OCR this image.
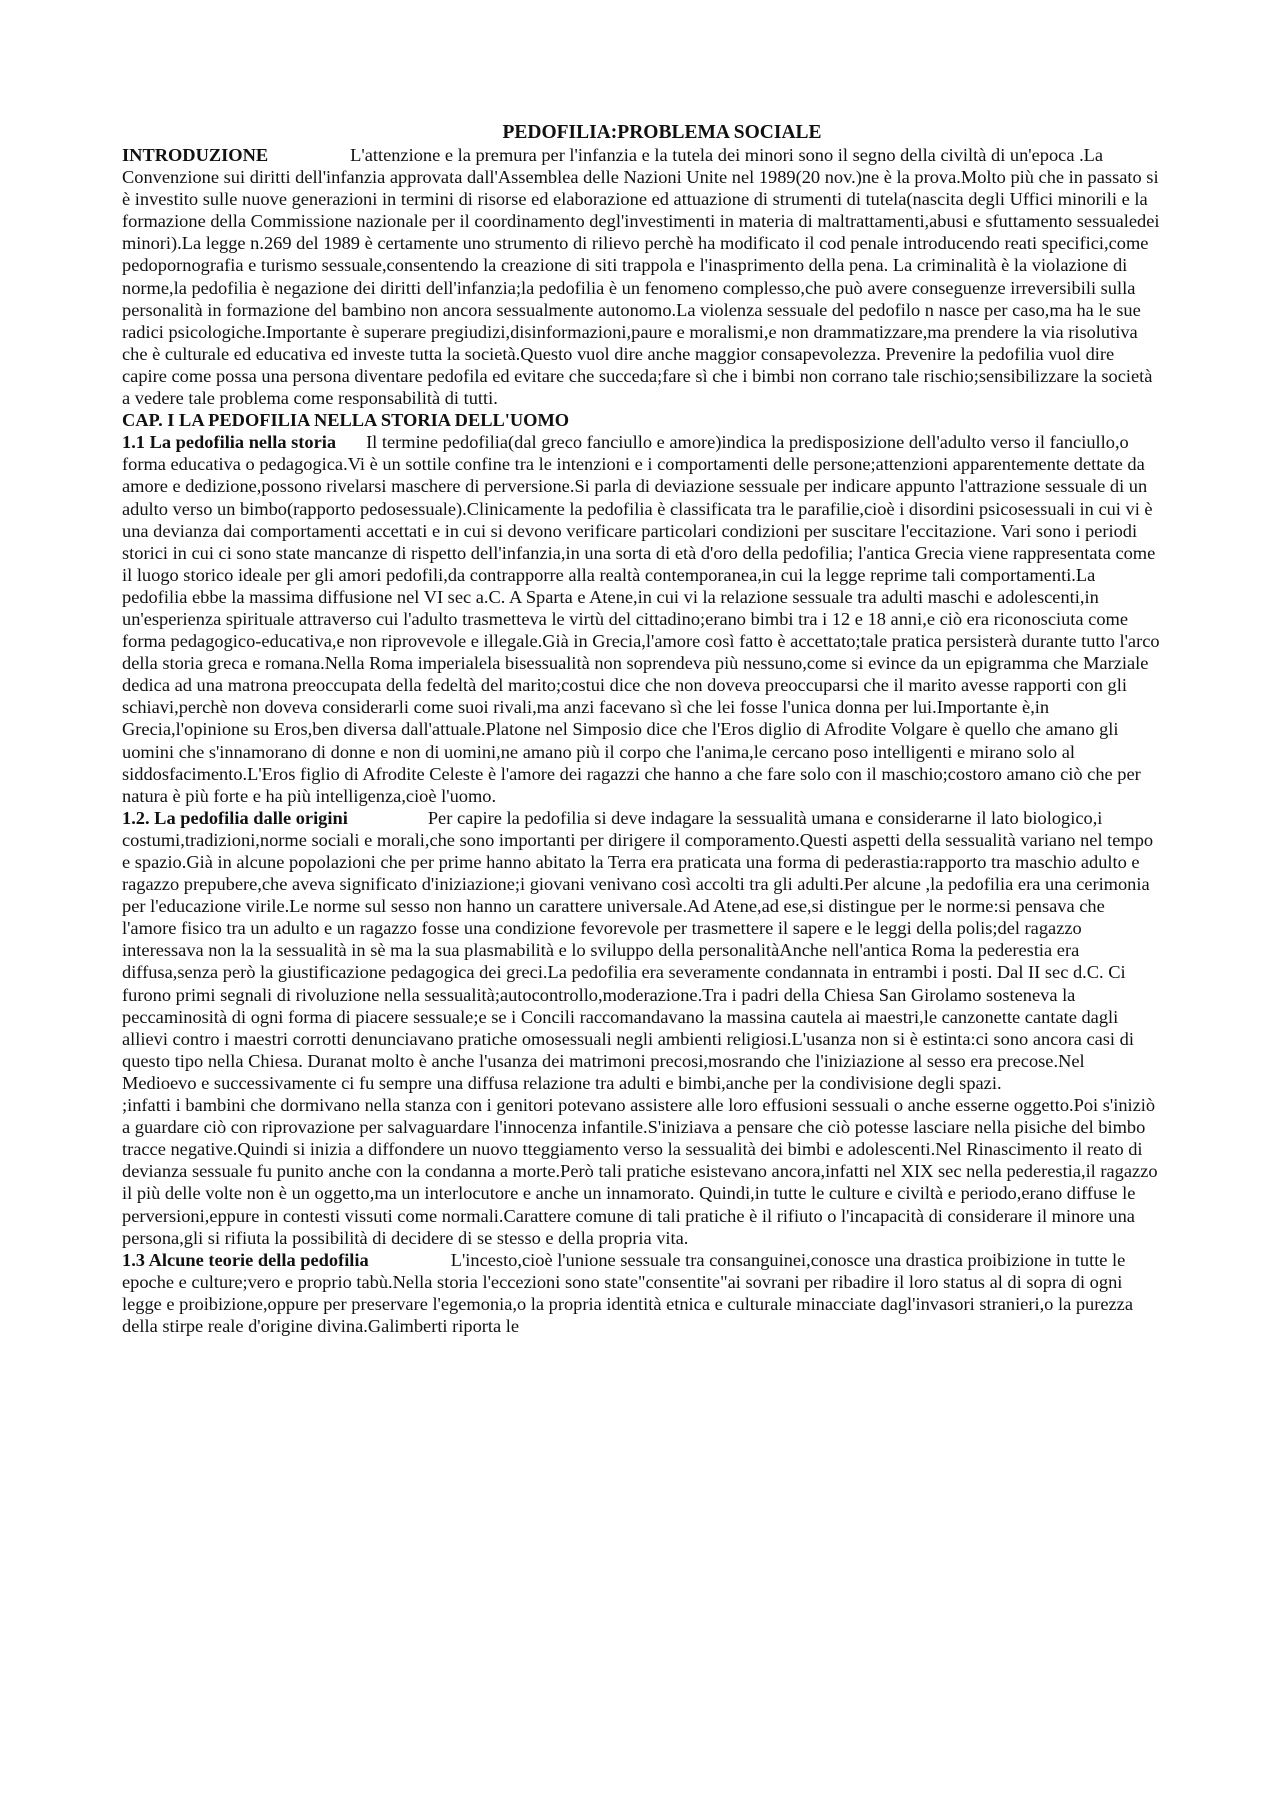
PEDOFILIA:PROBLEMA SOCIALE

INTRODUZIONE	L'attenzione e la premura per l'infanzia e la tutela dei minori sono il segno della civiltà di un'epoca .La Convenzione sui diritti dell'infanzia approvata dall'Assemblea delle Nazioni Unite nel 1989(20 nov.)ne è la prova.Molto più che in passato si è investito sulle nuove generazioni in termini di risorse ed elaborazione ed attuazione di strumenti di tutela(nascita degli Uffici minorili e la formazione della Commissione nazionale per il coordinamento degl'investimenti in materia di maltrattamenti,abusi e sfuttamento sessualedei minori).La legge n.269 del 1989 è certamente uno strumento di rilievo perchè ha modificato il cod penale introducendo reati specifici,come pedopornografia e turismo sessuale,consentendo la creazione di siti trappola e l'inasprimento della pena. La criminalità è la violazione di norme,la pedofilia è negazione dei diritti dell'infanzia;la pedofilia è un fenomeno complesso,che può avere conseguenze irreversibili sulla personalità in formazione del bambino non ancora sessualmente autonomo.La violenza sessuale del pedofilo n nasce per caso,ma ha le sue radici psicologiche.Importante è superare pregiudizi,disinformazioni,paure e moralismi,e non drammatizzare,ma prendere la via risolutiva che è culturale ed educativa ed investe tutta la società.Questo vuol dire anche maggior consapevolezza. Prevenire la pedofilia vuol dire capire come possa una persona diventare pedofila ed evitare che succeda;fare sì che i bimbi non corrano tale rischio;sensibilizzare la società a vedere tale problema come responsabilità di tutti.

CAP. I LA PEDOFILIA NELLA STORIA DELL'UOMO

1.1 La pedofilia nella storia Il termine pedofilia(dal greco fanciullo e amore)indica la predisposizione dell'adulto verso il fanciullo,o forma educativa o pedagogica.Vi è un sottile confine tra le intenzioni e i comportamenti delle persone;attenzioni apparentemente dettate da amore e dedizione,possono rivelarsi maschere di perversione.Si parla di deviazione sessuale per indicare appunto l'attrazione sessuale di un adulto verso un bimbo(rapporto pedosessuale).Clinicamente la pedofilia è classificata tra le parafilie,cioè i disordini psicosessuali in cui vi è una devianza dai comportamenti accettati e in cui si devono verificare particolari condizioni per suscitare l'eccitazione. Vari sono i periodi storici in cui ci sono state mancanze di rispetto dell'infanzia,in una sorta di età d'oro della pedofilia; l'antica Grecia viene rappresentata come il luogo storico ideale per gli amori pedofili,da contrapporre alla realtà contemporanea,in cui la legge reprime tali comportamenti.La pedofilia ebbe la massima diffusione nel VI sec a.C. A Sparta e Atene,in cui vi la relazione sessuale tra adulti maschi e adolescenti,in un'esperienza spirituale attraverso cui l'adulto trasmetteva le virtù del cittadino;erano bimbi tra i 12 e 18 anni,e ciò era riconosciuta come forma pedagogico-educativa,e non riprovevole e illegale.Già in Grecia,l'amore così fatto è accettato;tale pratica persisterà durante tutto l'arco della storia greca e romana.Nella Roma imperialela bisessualità non soprendeva più nessuno,come si evince da un epigramma che Marziale dedica ad una matrona preoccupata della fedeltà del marito;costui dice che non doveva preoccuparsi che il marito avesse rapporti con gli schiavi,perchè non doveva considerarli come suoi rivali,ma anzi facevano sì che lei fosse l'unica donna per lui.Importante è,in Grecia,l'opinione su Eros,ben diversa dall'attuale.Platone nel Simposio dice che l'Eros diglio di Afrodite Volgare è quello che amano gli uomini che s'innamorano di donne e non di uomini,ne amano più il corpo che l'anima,le cercano poso intelligenti e mirano solo al siddosfacimento.L'Eros figlio di Afrodite Celeste è l'amore dei ragazzi che hanno a che fare solo con il maschio;costoro amano ciò che per natura è più forte e ha più intelligenza,cioè l'uomo.

1.2. La pedofilia dalle origini	Per capire la pedofilia si deve indagare la sessualità umana e considerarne il lato biologico,i costumi,tradizioni,norme sociali e morali,che sono importanti per dirigere il comporamento.Questi aspetti della sessualità variano nel tempo e spazio.Già in alcune popolazioni che per prime hanno abitato la Terra era praticata una forma di pederastia:rapporto tra maschio adulto e ragazzo prepubere,che aveva significato d'iniziazione;i giovani venivano così accolti tra gli adulti.Per alcune ,la pedofilia era una cerimonia per l'educazione virile.Le norme sul sesso non hanno un carattere universale.Ad Atene,ad ese,si distingue per le norme:si pensava che l'amore fisico tra un adulto e un ragazzo fosse una condizione fevorevole per trasmettere il sapere e le leggi della polis;del ragazzo interessava non la la sessualità in sè ma la sua plasmabilità e lo sviluppo della personalitàAnche nell'antica Roma la pederestia era diffusa,senza però la giustificazione pedagogica dei greci.La pedofilia era severamente condannata in entrambi i posti. Dal II sec d.C. Ci furono primi segnali di rivoluzione nella sessualità;autocontrollo,moderazione.Tra i padri della Chiesa San Girolamo sosteneva la peccaminosità di ogni forma di piacere sessuale;e se i Concili raccomandavano la massina cautela ai maestri,le canzonette cantate dagli allievi contro i maestri corrotti denunciavano pratiche omosessuali negli ambienti religiosi.L'usanza non si è estinta:ci sono ancora casi di questo tipo nella Chiesa. Duranat molto è anche l'usanza dei matrimoni precosi,mosrando che l'iniziazione al sesso era precose.Nel Medioevo e successivamente ci fu sempre una diffusa relazione tra adulti e bimbi,anche per la condivisione degli spazi.

;infatti i bambini che dormivano nella stanza con i genitori potevano assistere alle loro effusioni sessuali o anche esserne oggetto.Poi s'iniziò a guardare ciò con riprovazione per salvaguardare l'innocenza infantile.S'iniziava a pensare che ciò potesse lasciare nella pisiche del bimbo tracce negative.Quindi si inizia a diffondere un nuovo tteggiamento verso la sessualità dei bimbi e adolescenti.Nel Rinascimento il reato di devianza sessuale fu punito anche con la condanna a morte.Però tali pratiche esistevano ancora,infatti nel XIX sec nella pederestia,il ragazzo il più delle volte non è un oggetto,ma un interlocutore e anche un innamorato. Quindi,in tutte le culture e civiltà e periodo,erano diffuse le perversioni,eppure in contesti vissuti come normali.Carattere comune di tali pratiche è il rifiuto o l'incapacità di considerare il minore una persona,gli si rifiuta la possibilità di decidere di se stesso e della propria vita.

1.3 Alcune teorie della pedofilia	L'incesto,cioè l'unione sessuale tra consanguinei,conosce una drastica proibizione in tutte le epoche e culture;vero e proprio tabù.Nella storia l'eccezioni sono state"consentite"ai sovrani per ribadire il loro status al di sopra di ogni legge e proibizione,oppure per preservare l'egemonia,o la propria identità etnica e culturale minacciate dagl'invasori stranieri,o la purezza della stirpe reale d'origine divina.Galimberti riporta le
